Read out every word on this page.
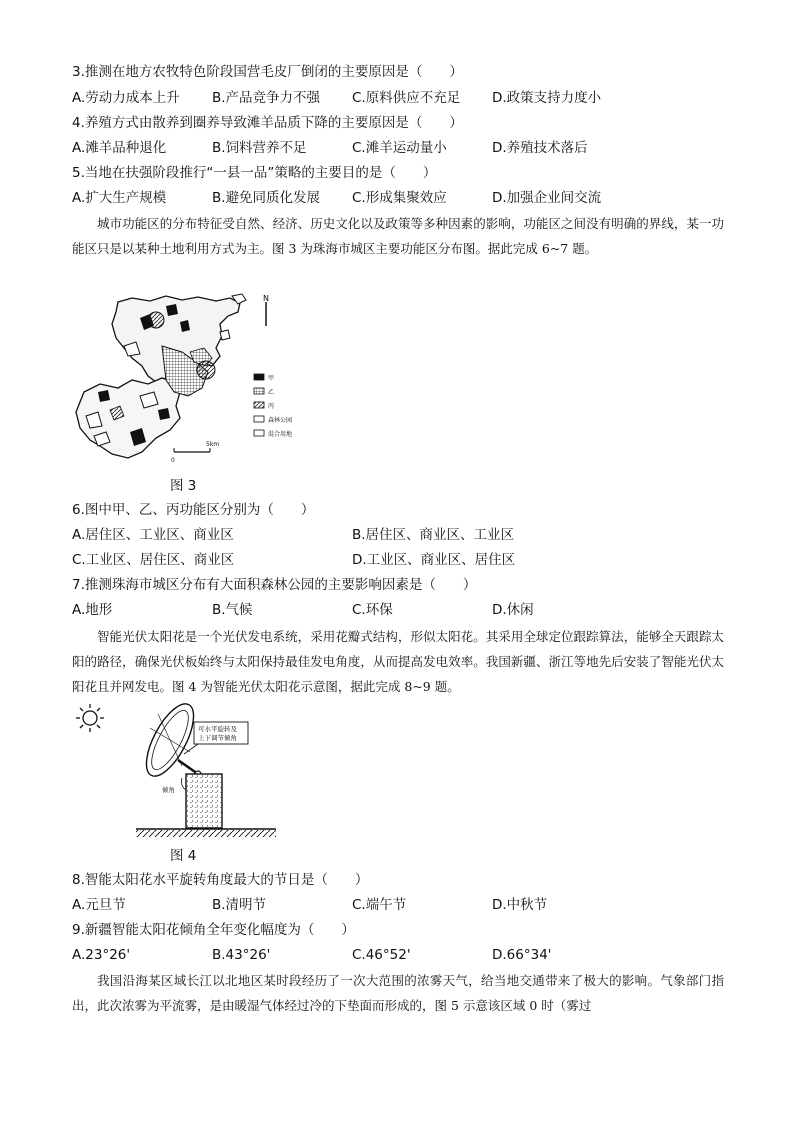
3.推测在地方农牧特色阶段国营毛皮厂倒闭的主要原因是（　　）
A.劳动力成本上升 B.产品竞争力不强 C.原料供应不充足 D.政策支持力度小
4.养殖方式由散养到圈养导致滩羊品质下降的主要原因是（　　）
A.滩羊品种退化	B.饲料营养不足	C.滩羊运动量小	D.养殖技术落后
5.当地在扶强阶段推行“一县一品”策略的主要目的是（　　）
A.扩大生产规模	B.避免同质化发展 C.形成集聚效应	D.加强企业间交流
城市功能区的分布特征受自然、经济、历史文化以及政策等多种因素的影响，功能区之间没有明确的界线，某一功能区只是以某种土地利用方式为主。图 3 为珠海市城区主要功能区分布图。据此完成 6~7 题。
N
甲
乙
丙
森林公园
混合用地
0
5km
图 3
6.图中甲、乙、丙功能区分别为（　　）
A.居住区、工业区、商业区	B.居住区、商业区、工业区
C.工业区、居住区、商业区	D.工业区、商业区、居住区
7.推测珠海市城区分布有大面积森林公园的主要影响因素是（　　）
A.地形	B.气候	C.环保	D.休闲
智能光伏太阳花是一个光伏发电系统，采用花瓣式结构，形似太阳花。其采用全球定位跟踪算法，能够全天跟踪太阳的路径，确保光伏板始终与太阳保持最佳发电角度，从而提高发电效率。我国新疆、浙江等地先后安装了智能光伏太阳花且并网发电。图 4 为智能光伏太阳花示意图，据此完成 8~9 题。
可水平旋转及
上下调节倾角
倾角
图 4
8.智能太阳花水平旋转角度最大的节日是（　　）
A.元旦节	B.清明节	C.端午节	D.中秋节
9.新疆智能太阳花倾角全年变化幅度为（　　）
A.23°26'	B.43°26'	C.46°52'	D.66°34'
我国沿海某区域长江以北地区某时段经历了一次大范围的浓雾天气，给当地交通带来了极大的影响。气象部门指出，此次浓雾为平流雾，是由暖湿气体经过冷的下垫面而形成的，图 5 示意该区域 0 时（雾过
